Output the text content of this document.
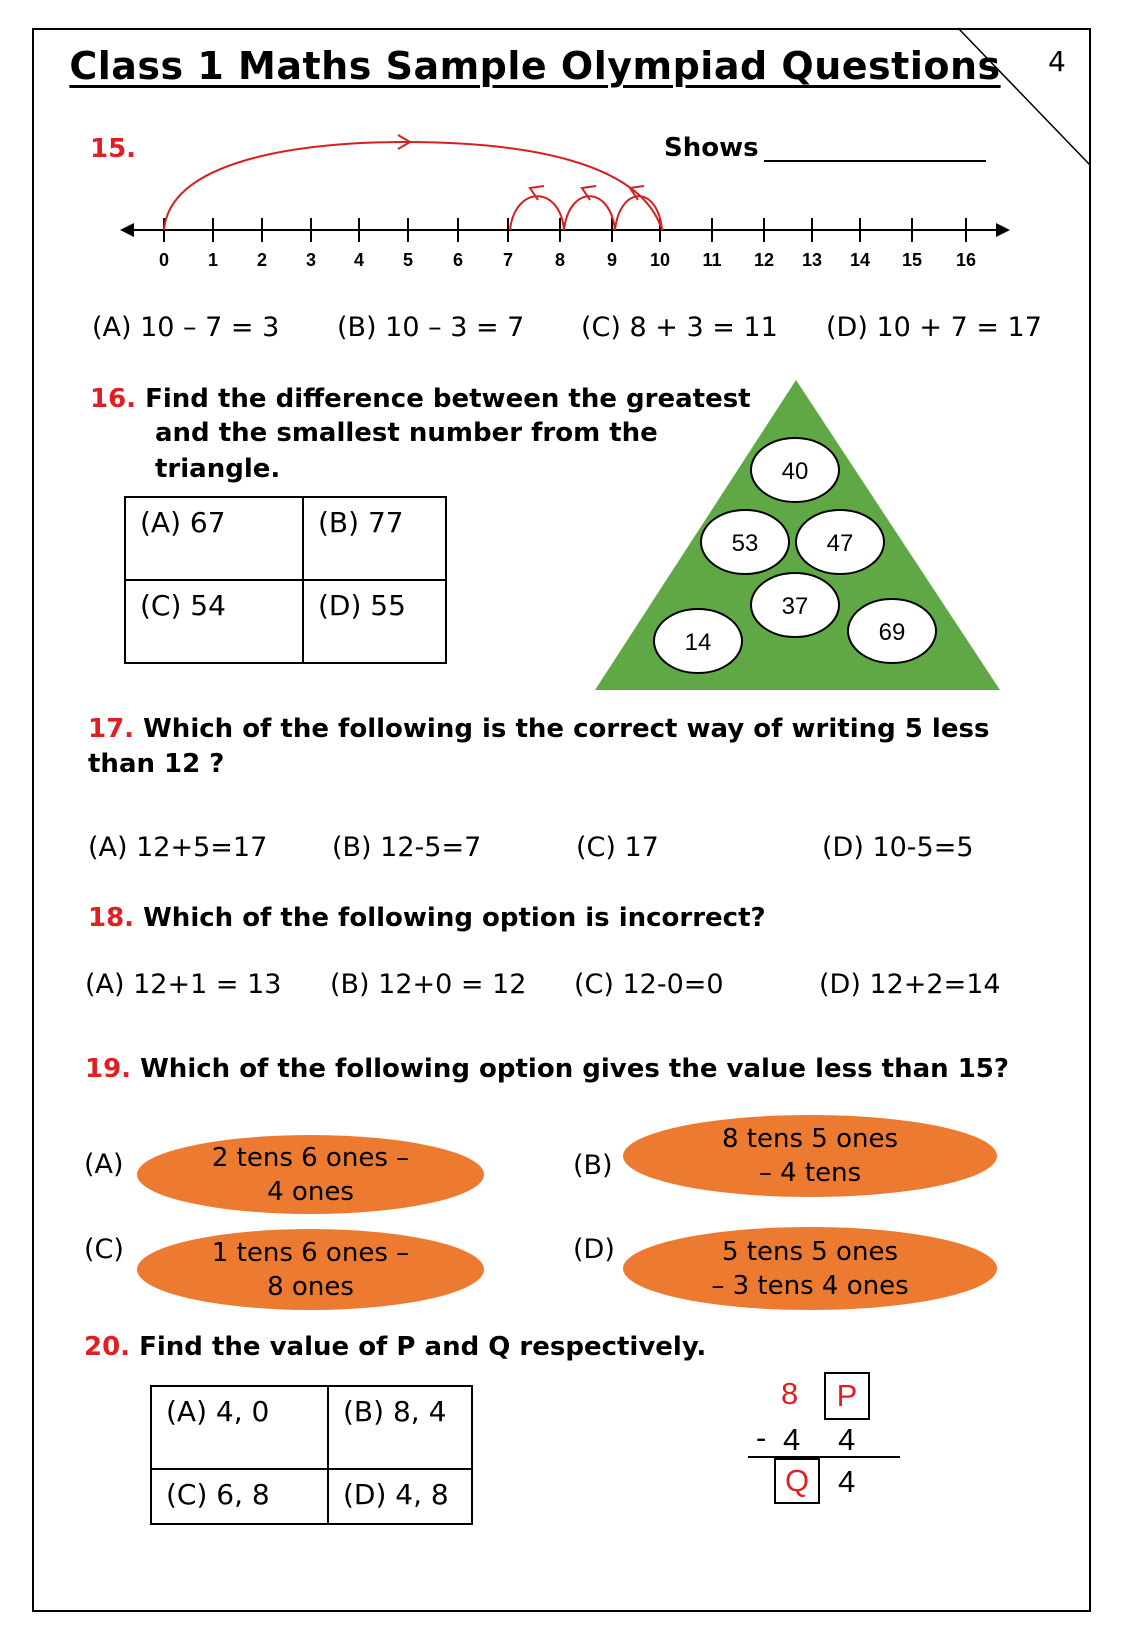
Class 1 Maths Sample Olympiad Questions	4
15.	Shows
0 1 2 3 4 5 6 7 8 9 10 11 12 13 14 15 16
(A) 10 – 7 = 3 (B) 10 – 3 = 7 (C) 8 + 3 = 11 (D) 10 + 7 = 17
16. Find the difference between the greatest
and the smallest number from the
triangle.
(A) 67	(B) 77
(C) 54	(D) 55
40
53	47
37
14	69
17. Which of the following is the correct way of writing 5 less
than 12 ?
(A) 12+5=17 (B) 12-5=7	(C) 17	(D) 10-5=5
18. Which of the following option is incorrect?
(A) 12+1 = 13 (B) 12+0 = 12 (C) 12-0=0	(D) 12+2=14
19. Which of the following option gives the value less than 15?
(A)	2 tens 6 ones –
4 ones
(B)
8 tens 5 ones
– 4 tens
(C)	1 tens 6 ones –
8 ones
(D)	5 tens 5 ones
– 3 tens 4 ones
20. Find the value of P and Q respectively.
(A) 4, 0	(B) 8, 4
(C) 6, 8	(D) 4, 8
8	P
- 4 4
Q 4
